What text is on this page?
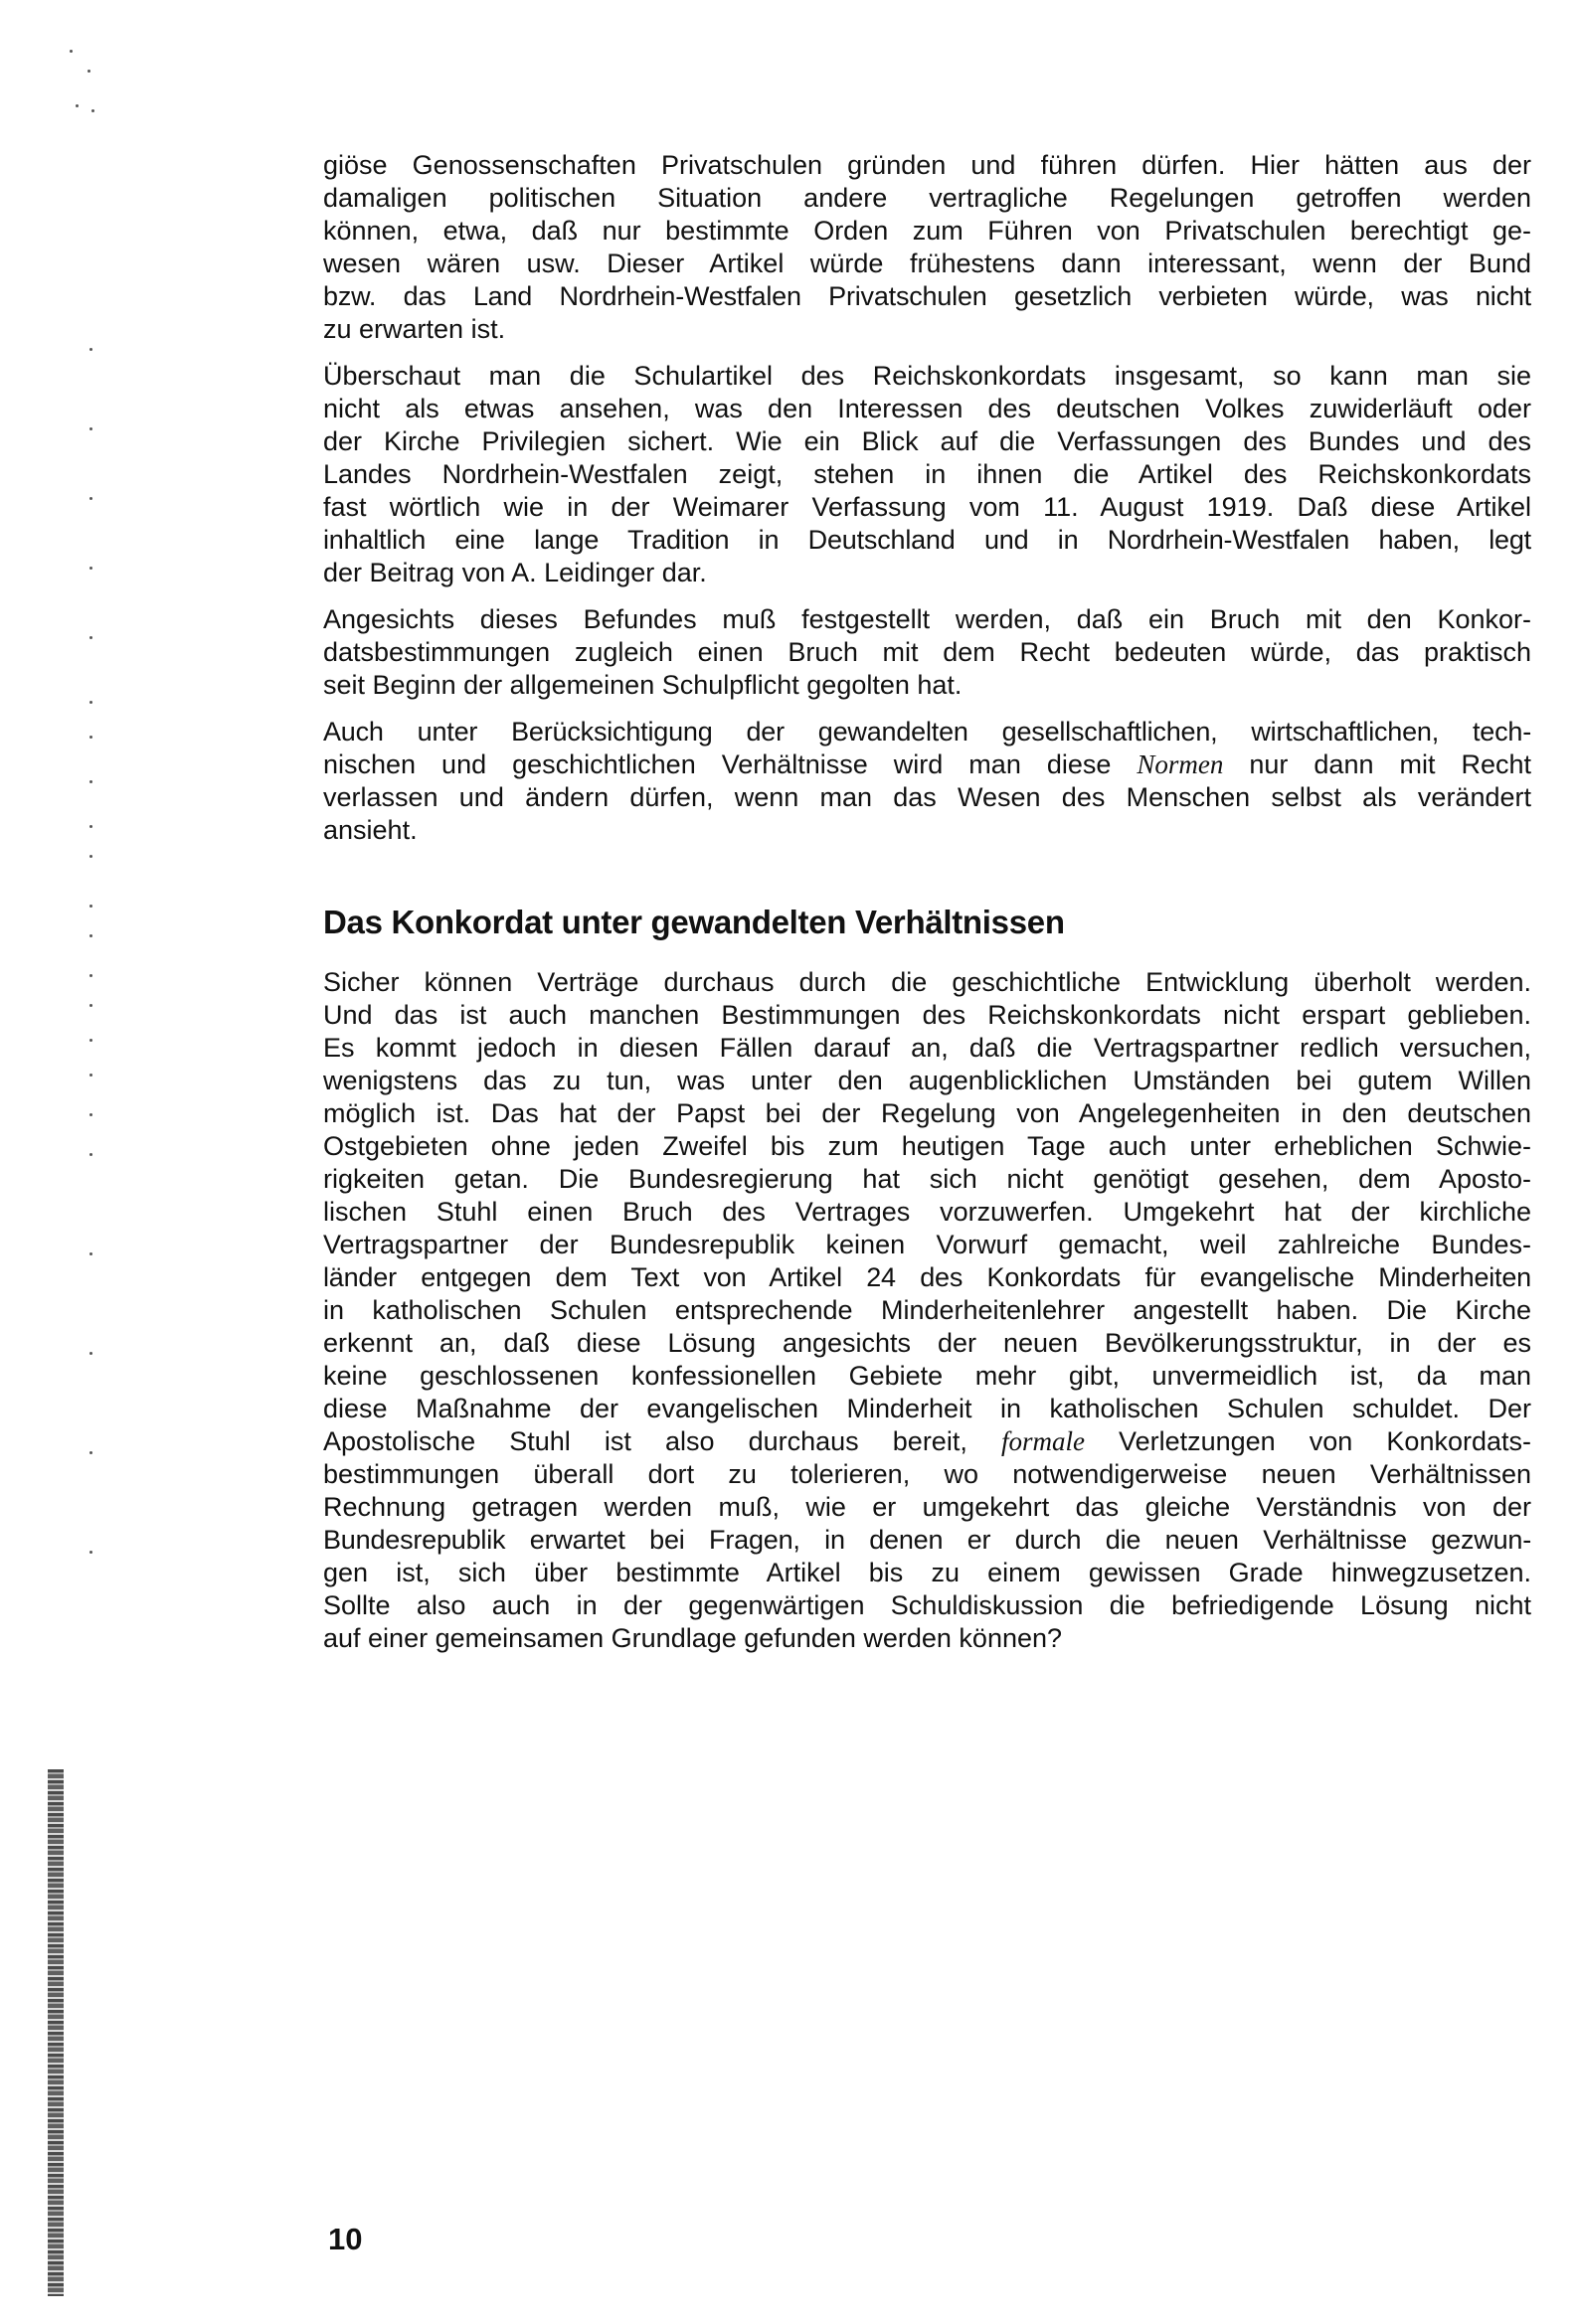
giöse Genossenschaften Privatschulen gründen und führen dürfen. Hier hätten aus der
damaligen politischen Situation andere vertragliche Regelungen getroffen werden
können, etwa, daß nur bestimmte Orden zum Führen von Privatschulen berechtigt ge-
wesen wären usw. Dieser Artikel würde frühestens dann interessant, wenn der Bund
bzw. das Land Nordrhein-Westfalen Privatschulen gesetzlich verbieten würde, was nicht
zu erwarten ist.

Überschaut man die Schulartikel des Reichskonkordats insgesamt, so kann man sie
nicht als etwas ansehen, was den Interessen des deutschen Volkes zuwiderläuft oder
der Kirche Privilegien sichert. Wie ein Blick auf die Verfassungen des Bundes und des
Landes Nordrhein-Westfalen zeigt, stehen in ihnen die Artikel des Reichskonkordats
fast wörtlich wie in der Weimarer Verfassung vom 11. August 1919. Daß diese Artikel
inhaltlich eine lange Tradition in Deutschland und in Nordrhein-Westfalen haben, legt
der Beitrag von A. Leidinger dar.

Angesichts dieses Befundes muß festgestellt werden, daß ein Bruch mit den Konkor-
datsbestimmungen zugleich einen Bruch mit dem Recht bedeuten würde, das praktisch
seit Beginn der allgemeinen Schulpflicht gegolten hat.

Auch unter Berücksichtigung der gewandelten gesellschaftlichen, wirtschaftlichen, tech-
nischen und geschichtlichen Verhältnisse wird man diese Normen nur dann mit Recht
verlassen und ändern dürfen, wenn man das Wesen des Menschen selbst als verändert
ansieht.

Das Konkordat unter gewandelten Verhältnissen

Sicher können Verträge durchaus durch die geschichtliche Entwicklung überholt werden.
Und das ist auch manchen Bestimmungen des Reichskonkordats nicht erspart geblieben.
Es kommt jedoch in diesen Fällen darauf an, daß die Vertragspartner redlich versuchen,
wenigstens das zu tun, was unter den augenblicklichen Umständen bei gutem Willen
möglich ist. Das hat der Papst bei der Regelung von Angelegenheiten in den deutschen
Ostgebieten ohne jeden Zweifel bis zum heutigen Tage auch unter erheblichen Schwie-
rigkeiten getan. Die Bundesregierung hat sich nicht genötigt gesehen, dem Aposto-
lischen Stuhl einen Bruch des Vertrages vorzuwerfen. Umgekehrt hat der kirchliche
Vertragspartner der Bundesrepublik keinen Vorwurf gemacht, weil zahlreiche Bundes-
länder entgegen dem Text von Artikel 24 des Konkordats für evangelische Minderheiten
in katholischen Schulen entsprechende Minderheitenlehrer angestellt haben. Die Kirche
erkennt an, daß diese Lösung angesichts der neuen Bevölkerungsstruktur, in der es
keine geschlossenen konfessionellen Gebiete mehr gibt, unvermeidlich ist, da man
diese Maßnahme der evangelischen Minderheit in katholischen Schulen schuldet. Der
Apostolische Stuhl ist also durchaus bereit, formale Verletzungen von Konkordats-
bestimmungen überall dort zu tolerieren, wo notwendigerweise neuen Verhältnissen
Rechnung getragen werden muß, wie er umgekehrt das gleiche Verständnis von der
Bundesrepublik erwartet bei Fragen, in denen er durch die neuen Verhältnisse gezwun-
gen ist, sich über bestimmte Artikel bis zu einem gewissen Grade hinwegzusetzen.
Sollte also auch in der gegenwärtigen Schuldiskussion die befriedigende Lösung nicht
auf einer gemeinsamen Grundlage gefunden werden können?

10
